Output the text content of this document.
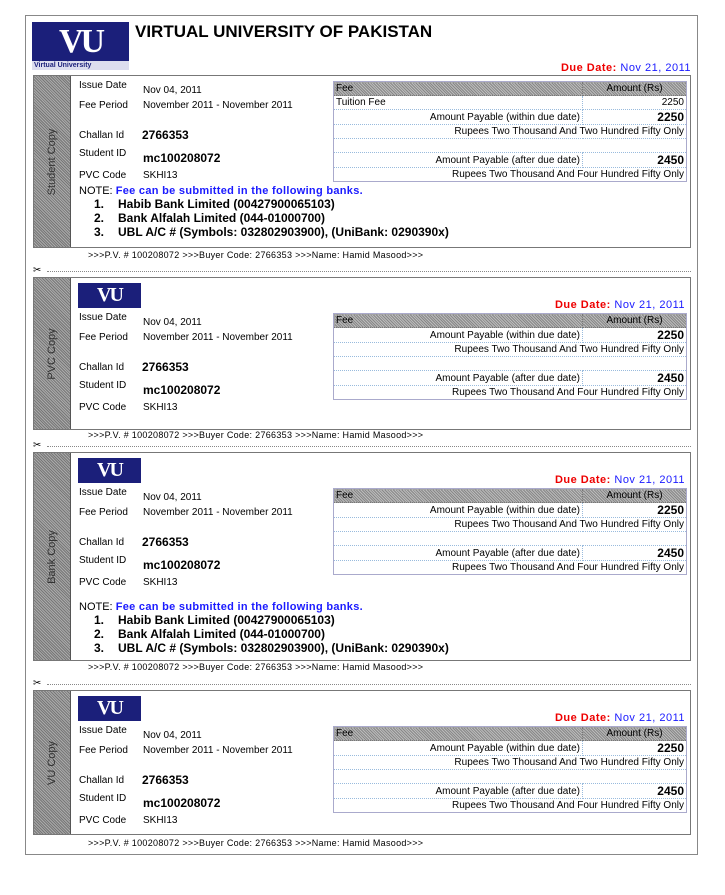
VU
Virtual University
VIRTUAL UNIVERSITY OF PAKISTAN
Student Copy
Issue Date	Nov 04, 2011
Fee Period	November 2011 - November 2011
Challan Id	2766353
Student ID	mc100208072
PVC Code	SKHI13
Fee	Amount (Rs)
Tuition Fee	2250
Amount Payable (within due date)	2250
Rupees Two Thousand And Two Hundred Fifty Only	

Amount Payable (after due date)	2450
Rupees Two Thousand And Four Hundred Fifty Only	
NOTE: Fee can be submitted in the following banks.
1. Habib Bank Limited (00427900065103)
2. Bank Alfalah Limited (044-01000700)
3. UBL A/C # (Symbols: 032802903900), (UniBank: 0290390x)
>>>P.V. # 100208072 >>>Buyer Code: 2766353 >>>Name: Hamid Masood>>>
✂
PVC Copy
VU	Due Date: Nov 21, 2011
Issue Date	Nov 04, 2011
Fee Period	November 2011 - November 2011
Challan Id	2766353
Student ID	mc100208072
PVC Code	SKHI13
Fee	Amount (Rs)
Amount Payable (within due date)	2250
Rupees Two Thousand And Two Hundred Fifty Only	

Amount Payable (after due date)	2450
Rupees Two Thousand And Four Hundred Fifty Only	
>>>P.V. # 100208072 >>>Buyer Code: 2766353 >>>Name: Hamid Masood>>>
✂
Bank Copy
VU	Due Date: Nov 21, 2011
Issue Date	Nov 04, 2011
Fee Period	November 2011 - November 2011
Challan Id	2766353
Student ID	mc100208072
PVC Code	SKHI13
Fee	Amount (Rs)
Amount Payable (within due date)	2250
Rupees Two Thousand And Two Hundred Fifty Only	

Amount Payable (after due date)	2450
Rupees Two Thousand And Four Hundred Fifty Only	
NOTE: Fee can be submitted in the following banks.
1. Habib Bank Limited (00427900065103)
2. Bank Alfalah Limited (044-01000700)
3. UBL A/C # (Symbols: 032802903900), (UniBank: 0290390x)
>>>P.V. # 100208072 >>>Buyer Code: 2766353 >>>Name: Hamid Masood>>>
✂
VU Copy
VU	Due Date: Nov 21, 2011
Issue Date	Nov 04, 2011
Fee Period	November 2011 - November 2011
Challan Id	2766353
Student ID	mc100208072
PVC Code	SKHI13
Fee	Amount (Rs)
Amount Payable (within due date)	2250
Rupees Two Thousand And Two Hundred Fifty Only	

Amount Payable (after due date)	2450
Rupees Two Thousand And Four Hundred Fifty Only	
>>>P.V. # 100208072 >>>Buyer Code: 2766353 >>>Name: Hamid Masood>>>
Due Date: Nov 21, 2011
